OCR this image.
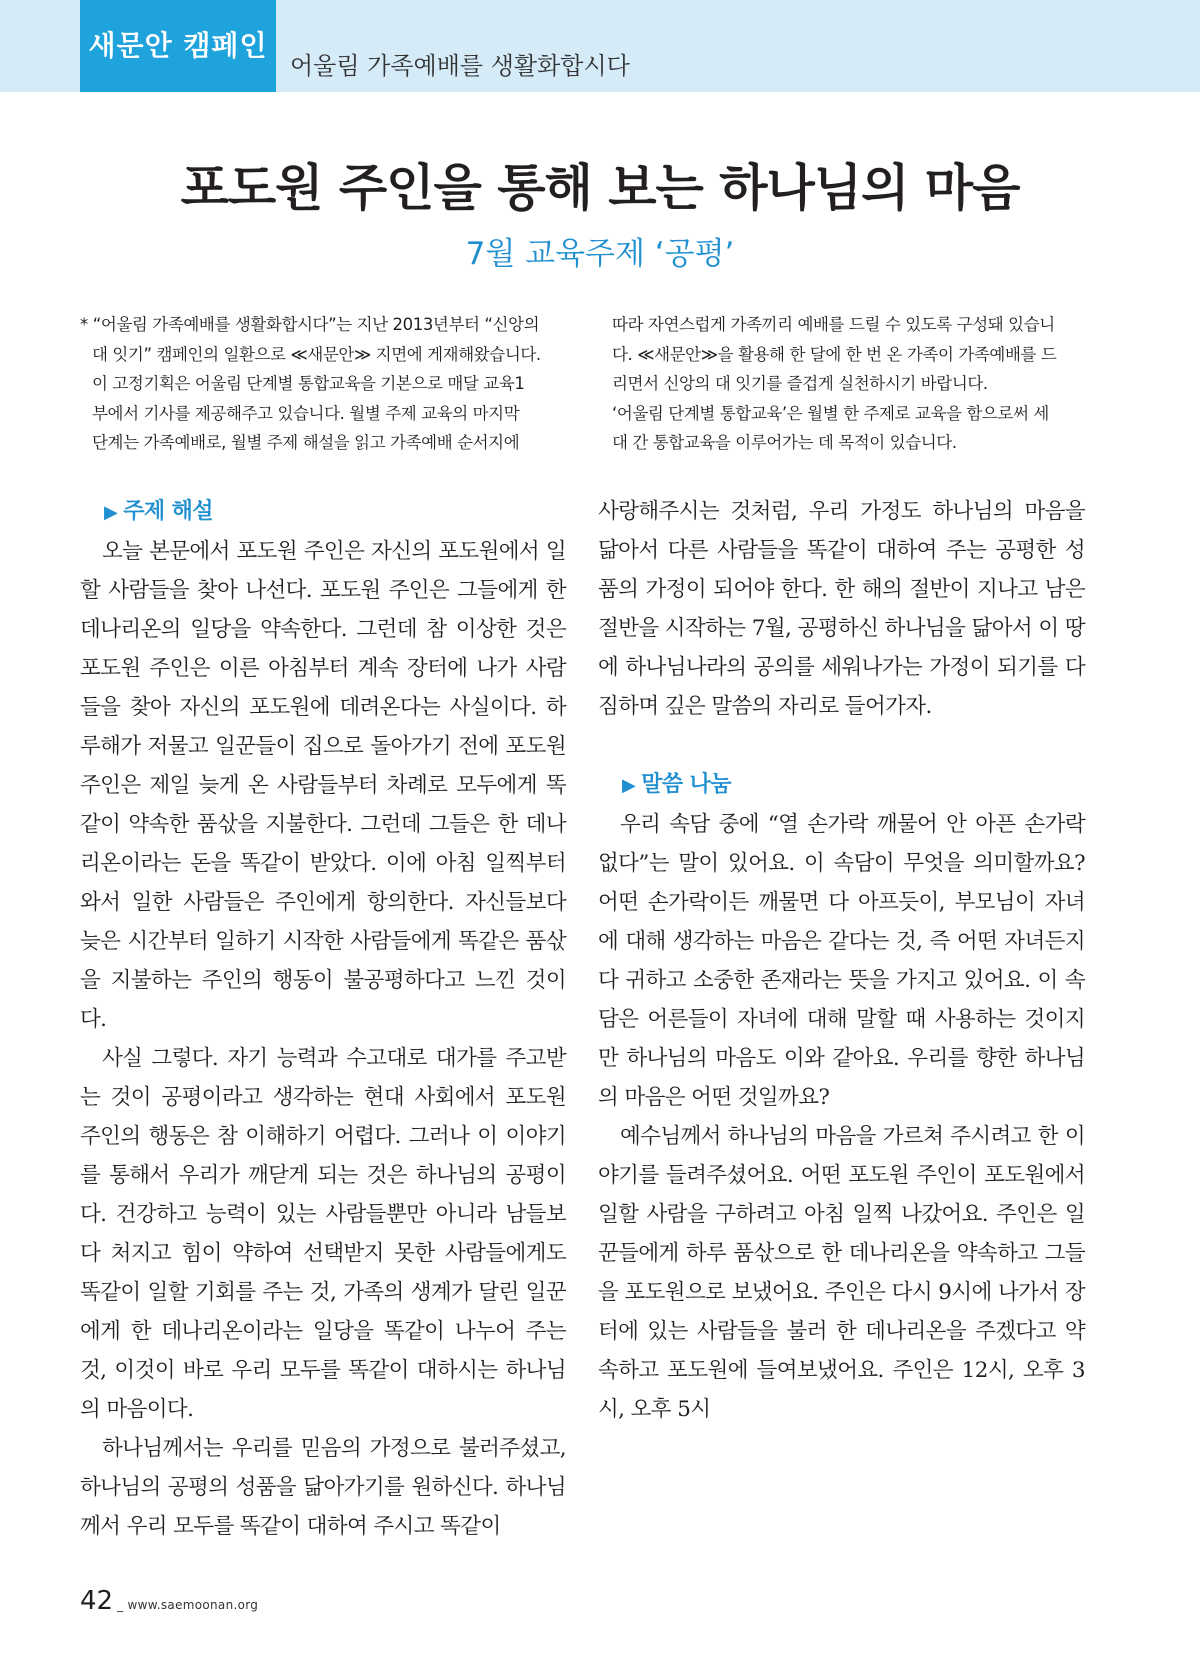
새문안 캠페인
어울림 가족예배를 생활화합시다
포도원 주인을 통해 보는 하나님의 마음
7월 교육주제 ‘공평’
* “어울림 가족예배를 생활화합시다”는 지난 2013년부터 “신앙의
대 잇기” 캠페인의 일환으로 ≪새문안≫ 지면에 게재해왔습니다.
이 고정기획은 어울림 단계별 통합교육을 기본으로 매달 교육1
부에서 기사를 제공해주고 있습니다. 월별 주제 교육의 마지막
단계는 가족예배로, 월별 주제 해설을 읽고 가족예배 순서지에
따라 자연스럽게 가족끼리 예배를 드릴 수 있도록 구성돼 있습니
다. ≪새문안≫을 활용해 한 달에 한 번 온 가족이 가족예배를 드
리면서 신앙의 대 잇기를 즐겁게 실천하시기 바랍니다.
‘어울림 단계별 통합교육’은 월별 한 주제로 교육을 함으로써 세
대 간 통합교육을 이루어가는 데 목적이 있습니다.
▶ 주제 해설

오늘 본문에서 포도원 주인은 자신의 포도원에서 일할 사람들을 찾아 나선다. 포도원 주인은 그들에게 한 데나리온의 일당을 약속한다. 그런데 참 이상한 것은 포도원 주인은 이른 아침부터 계속 장터에 나가 사람들을 찾아 자신의 포도원에 데려온다는 사실이다. 하루해가 저물고 일꾼들이 집으로 돌아가기 전에 포도원 주인은 제일 늦게 온 사람들부터 차례로 모두에게 똑같이 약속한 품삯을 지불한다. 그런데 그들은 한 데나리온이라는 돈을 똑같이 받았다. 이에 아침 일찍부터 와서 일한 사람들은 주인에게 항의한다. 자신들보다 늦은 시간부터 일하기 시작한 사람들에게 똑같은 품삯을 지불하는 주인의 행동이 불공평하다고 느낀 것이다.

사실 그렇다. 자기 능력과 수고대로 대가를 주고받는 것이 공평이라고 생각하는 현대 사회에서 포도원 주인의 행동은 참 이해하기 어렵다. 그러나 이 이야기를 통해서 우리가 깨닫게 되는 것은 하나님의 공평이다. 건강하고 능력이 있는 사람들뿐만 아니라 남들보다 처지고 힘이 약하여 선택받지 못한 사람들에게도 똑같이 일할 기회를 주는 것, 가족의 생계가 달린 일꾼에게 한 데나리온이라는 일당을 똑같이 나누어 주는 것, 이것이 바로 우리 모두를 똑같이 대하시는 하나님의 마음이다.

하나님께서는 우리를 믿음의 가정으로 불러주셨고, 하나님의 공평의 성품을 닮아가기를 원하신다. 하나님께서 우리 모두를 똑같이 대하여 주시고 똑같이

사랑해주시는 것처럼, 우리 가정도 하나님의 마음을 닮아서 다른 사람들을 똑같이 대하여 주는 공평한 성품의 가정이 되어야 한다. 한 해의 절반이 지나고 남은 절반을 시작하는 7월, 공평하신 하나님을 닮아서 이 땅에 하나님나라의 공의를 세워나가는 가정이 되기를 다짐하며 깊은 말씀의 자리로 들어가자.

▶ 말씀 나눔

우리 속담 중에 “열 손가락 깨물어 안 아픈 손가락 없다”는 말이 있어요. 이 속담이 무엇을 의미할까요? 어떤 손가락이든 깨물면 다 아프듯이, 부모님이 자녀에 대해 생각하는 마음은 같다는 것, 즉 어떤 자녀든지 다 귀하고 소중한 존재라는 뜻을 가지고 있어요. 이 속담은 어른들이 자녀에 대해 말할 때 사용하는 것이지만 하나님의 마음도 이와 같아요. 우리를 향한 하나님의 마음은 어떤 것일까요?

예수님께서 하나님의 마음을 가르쳐 주시려고 한 이야기를 들려주셨어요. 어떤 포도원 주인이 포도원에서 일할 사람을 구하려고 아침 일찍 나갔어요. 주인은 일꾼들에게 하루 품삯으로 한 데나리온을 약속하고 그들을 포도원으로 보냈어요. 주인은 다시 9시에 나가서 장터에 있는 사람들을 불러 한 데나리온을 주겠다고 약속하고 포도원에 들여보냈어요. 주인은 12시, 오후 3시, 오후 5시

42 _ www.saemoonan.org
